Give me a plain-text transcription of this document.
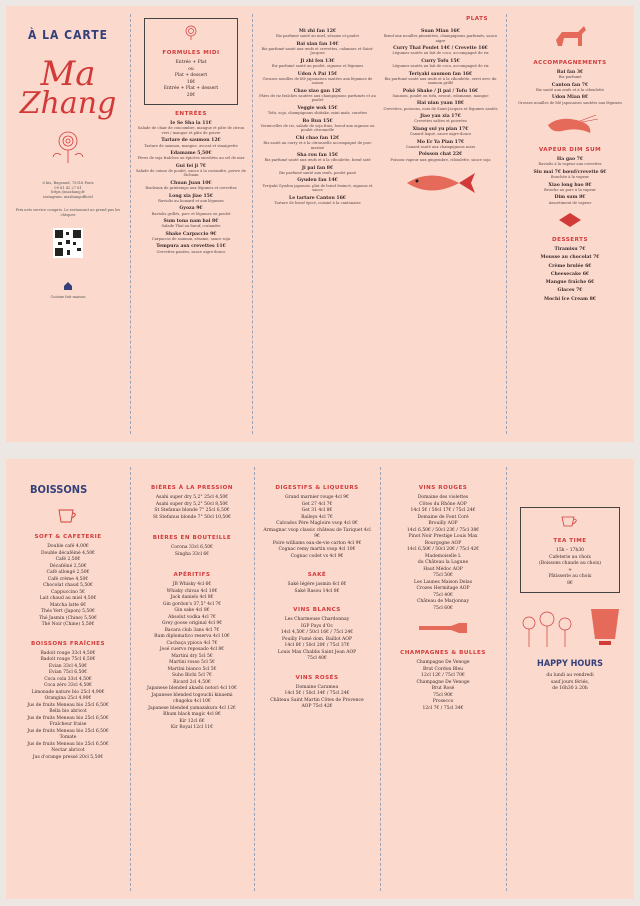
À LA CARTE
Ma
Zhang
6 bis, Bugeaud, 75016 Paris
09 81 42 27 81
https://mazhang.fr
instagram: mazhangofficiel
Prix nets service compris. Le restaurant ne prend pas les chèques
Cuisine fait maison
FORMULES MIDI
Entrée + Plat
ou
Plat + dessert
16€
Entrée + Plat + dessert
20€
ENTRÉES
Ie Se Sha la 11€
Salade de chair de concombre, mangue et pâte de citron vert / mangue et pâte de poivre
Tartare de saumon 12€
Tartare de saumon, mangue, avocat et vinaigrette
Edamame 5,50€
Fèves de soja fraîches ou épicées enrobées au sel de mer
Gui fei ji 7€
Salade de cuisse de poulet, sauce à la coriandre, poivre de Sichuan
Chuan Juan 10€
Rouleaux de printemps aux légumes et crevettes
Long xia jiao 15€
Raviolis au homard et aux légumes
Gyoza 9€
Raviolis grillés, porc et légumes ou poulet
Sum tona nam bai 8€
Salade Thaï au bœuf, coriandre
Shake Carpaccio 9€
Carpaccio de saumon, sésame, sauce soja
Tempura aux crevettes 11€
Crevettes panées, sauce aigre-douce
PLATS
Mi zhi fan 12€
Riz parfumé sauté au miel, sésame et poulet
Bai xian fan 14€
Riz parfumé sauté aux œufs et crevettes, calamars et Saint-Jacques
Ji zhi fen 13€
Riz parfumé sauté au poulet, oignons et légumes
Udon A Pai 15€
Grosses nouilles de blé japonaises sautées aux légumes de saison
Chao xiao gan 12€
Pâtes de riz fraîches sautées aux champignons parfumés et au poulet
Veggie wok 15€
Tofu, soja, champignons shiitake, mini maïs, carottes
Bo Bun 15€
Vermicelles de riz, salade de soja frais, boeuf aux oignons ou poulet citronnelle
Chi chao fan 12€
Riz sauté au curry et à la citronnelle accompagné de porc mariné
Sha rou fan 15€
Riz parfumé sauté aux œufs et à la ciboulette, bœuf saté
Ji pai fan 8€
Riz parfumé sauté aux œufs, poulet pané
Gyuden fan 14€
Teriyaki Gyudon japonais: plat de bœuf émincé, oignons et sauce
Le tartare Cantou 16€
Tartare de bœuf épicé, cuisiné à la cantonaise
Suan Mian 16€
Bœuf aux nouilles pimentées, champignons parfumés, sauce aigre
Curry Thai Poulet 14€ / Crevette 16€
Légumes sautés au lait de coco, accompagné de riz
Curry Tofu 15€
Légumes sautés au lait de coco, accompagné de riz
Teriyaki saumon fan 16€
Riz parfumé sauté aux œufs et à la ciboulette, servi avec du saumon grillé
Poké Shake / Ji pai / Tofu 16€
Saumon, poulet ou tofu, avocat, edamame, mangue
Hai nian yuan 18€
Crevettes, poissons, noix de Saint-Jacques et légumes sautés
Jiao yan xia 17€
Crevettes salées et poivrées
Xiang sui yu pian 17€
Canard laqué, sauce aigre-douce
Mo Er Ya Pian 17€
Canard sauté aux champignons noirs
Poisson chat 22€
Poisson vapeur aux gingembre, ciboulette, sauce soja
ACCOMPAGNEMENTS
Bai fan 3€
Riz parfumé
Canton fan 7€
Riz sauté aux œufs et à la ciboulette
Udon Mian 8€
Grosses nouilles de blé japonaises sautées aux légumes
VAPEUR DIM SUM
Ha gao 7€
Raviolis à la vapeur aux crevettes
Siu mai 7€ bœuf/crevette 6€
Bouchée à la vapeur
Xiao long bao 8€
Brioche au porc à la vapeur
Dim sum 8€
Assortiment de vapeur
DESSERTS
Tiramisu 7€
Mousse au chocolat 7€
Crème brulée 6€
Cheesecake 6€
Mangue fraîche 6€
Glaces 7€
Mochi Ice Cream 8€
BOISSONS
SOFT & CAFETERIE
Double café 4,00€
Double décaféiné 4,50€
Café 2,50€
Décaféiné 2,50€
Café allongé 2,50€
Café crème 4,50€
Chocolat chaud 5,50€
Cappuccino 5€
Lait chaud au miel 4,50€
Matcha latte 6€
Thés Vert (Japon) 5,50€
Thé Jasmin (Chine) 5,50€
Thé Noir (Chine) 5,50€
BOISSONS FRAÎCHES
Badoit rouge 33cl 4,50€
Badoit rouge 75cl 6,50€
Evian 33cl 4,50€
Evian 75cl 6,50€
Coca cola 33cl 4,50€
Coca zéro 33cl 4,50€
Limonade nature bio 25cl 4,90€
Orangina 25cl 4,90€
Jus de fruits Meneau bio 25cl 6,50€
Bella bio abricot
Jus de fruits Meneau bio 25cl 6,50€
Fraîcheur fraise
Jus de fruits Meneau bio 25cl 6,50€
Tomate
Jus de fruits Meneau bio 25cl 6,50€
Nectar abricot
Jus d'orange pressé 20cl 5,50€
BIÈRES À LA PRESSION
Asahi super dry 5,2° 25cl 4,50€
Asahi super dry 5,2° 50cl 8,50€
St Stefanus blonde 7° 25cl 6,50€
St Stefanus blonde 7° 50cl 10,50€
BIÈRES EN BOUTEILLE
Corona 33cl 6,50€
Singha 33cl 6€
APÉRITIFS
JB Whisky 4cl 6€
Whisky chivas 4cl 10€
Jack daniels 4cl 8€
Gin gordon's 37,5° 4cl 7€
Gin sake 4cl 8€
Absolut vodka 4cl 7€
Grey goose original 4cl 9€
Bacara club 3ans 4cl 7€
Rum diplomatico reserva 4cl 10€
Cachaça ypioca 4cl 7€
José cuervo reposado 4cl 8€
Martini dry 5cl 5€
Martini rosso 5cl 5€
Martini bianco 5cl 5€
Suho Bichi 5cl 7€
Ricard 2cl 4,50€
Japanese blended akashi notori 4cl 10€
Japanese blended togouchi kinaemi
chugoku 4cl 10€
Japanese blended yamazakura 4cl 12€
Bhum black magic 4cl 8€
Kir 12cl 6€
Kir Royal 12cl 11€
DIGESTIFS & LIQUEURS
Grand marnier rouge 4cl 9€
Get 27 4cl 7€
Get 31 4cl 8€
Baileys 4cl 7€
Calvados Père Magloire vsop 4cl 8€
Armagnac vsop classic château de Tariquet 4cl 9€
Poire williams eau-de-vie carton 4cl 9€
Cognac remy martin vsop 4cl 10€
Cognac codet vs 4cl 9€
SAKÉ
Saké légère jasmin 6cl 6€
Saké Rasou 14cl 8€
VINS BLANCS
Les Charmeuse Chardonnay
IGP Pays d'Oc
14cl 4,50€ / 50cl 16€ / 75cl 24€
Pouilly Fumé dom. Baillot AOP
14cl 6€ / 50cl 20€ / 75cl 37€
Louis Max Chablis Saint Jean AOP
75cl 40€
VINS ROSÉS
Domaine Caramea
14cl 5€ / 50cl 14€ / 75cl 24€
Château Saint Martin Côtes de Provence
AOP 75cl 42€
VINS ROUGES
Domaine des violettes
Côtes du Rhône AOP
14cl 5€ / 50cl 17€ / 75cl 24€
Domaine de Font Coré
Brouilly AOP
14cl 6,50€ / 50cl 23€ / 75cl 38€
Pinot Noir Prestige Louis Max
Bourgogne AOP
14cl 6,50€ / 50cl 20€ / 75cl 42€
Mademoiselle L
du Château la Lagune
Haut Médoc AOP
75cl 50€
Les Launes Maison Delas
Crozes Hermitage AOP
75cl 40€
Château de Marjonnay
75cl 60€
CHAMPAGNES & BULLES
Champagne De Venoge
Brut Cordon Bleu
12cl 12€ / 75cl 70€
Champagne De Venoge
Brut Rosé
75cl 90€
Prosecco
12cl 7€ / 75cl 34€
TEA TIME
15h – 17h30
Cafeterie au choix
(Boissons chaude au choix)
+
Pâtisserie au choix
8€

HAPPY HOURS
du lundi au vendredi
sauf jours fériés,
de 16h30 à 20h
